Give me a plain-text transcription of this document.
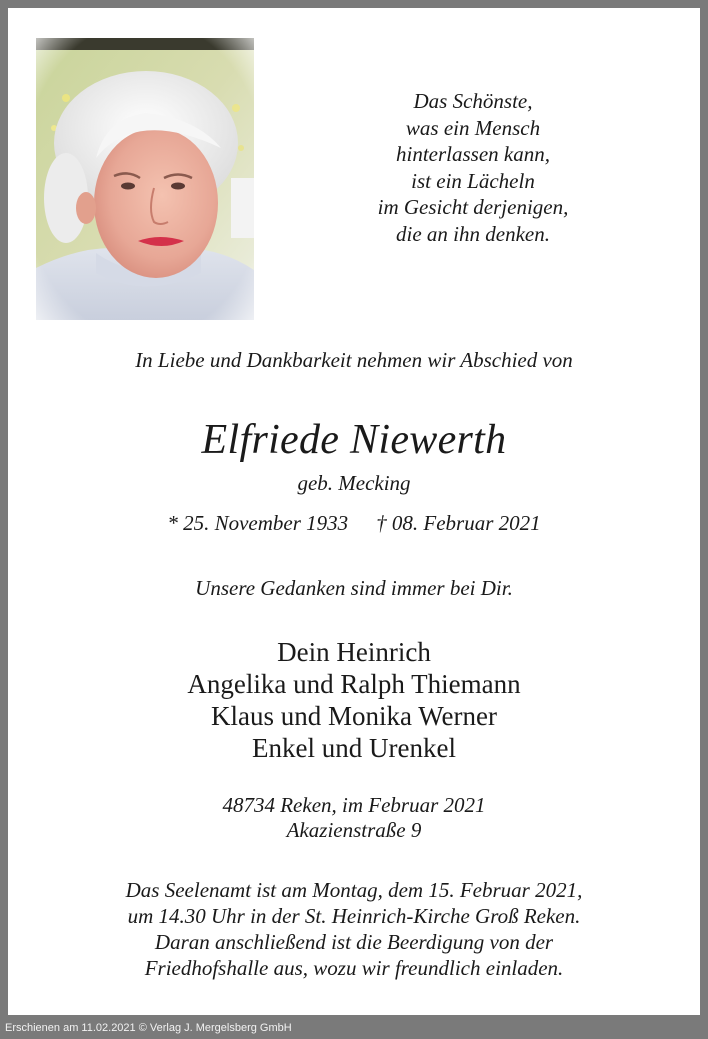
Das Schönste,
was ein Mensch
hinterlassen kann,
ist ein Lächeln
im Gesicht derjenigen,
die an ihn denken.
In Liebe und Dankbarkeit nehmen wir Abschied von
Elfriede Niewerth
geb. Mecking
* 25. November 1933 † 08. Februar 2021
Unsere Gedanken sind immer bei Dir.
Dein Heinrich
Angelika und Ralph Thiemann
Klaus und Monika Werner
Enkel und Urenkel
48734 Reken, im Februar 2021
Akazienstraße 9
Das Seelenamt ist am Montag, dem 15. Februar 2021,
um 14.30 Uhr in der St. Heinrich-Kirche Groß Reken.
Daran anschließend ist die Beerdigung von der
Friedhofshalle aus, wozu wir freundlich einladen.
Erschienen am 11.02.2021 © Verlag J. Mergelsberg GmbH
